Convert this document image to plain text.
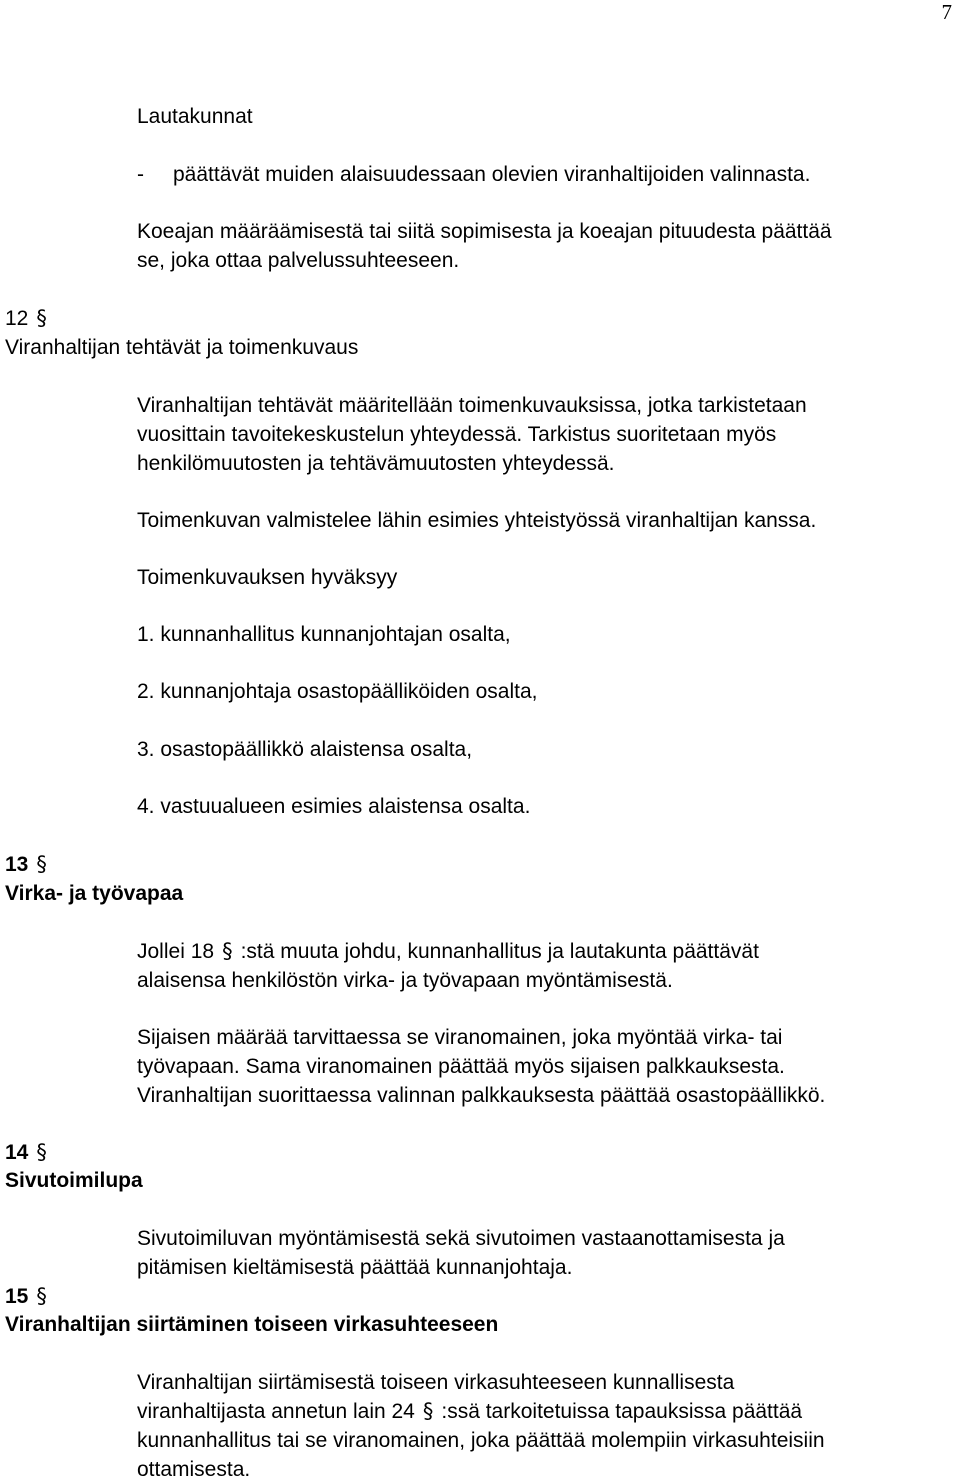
7
Lautakunnat
- päättävät muiden alaisuudessaan olevien viranhaltijoiden valinnasta.
Koeajan määräämisestä tai siitä sopimisesta ja koeajan pituudesta päättää
se, joka ottaa palvelussuhteeseen.
12 §
Viranhaltijan tehtävät ja toimenkuvaus
Viranhaltijan tehtävät määritellään toimenkuvauksissa, jotka tarkistetaan
vuosittain tavoitekeskustelun yhteydessä. Tarkistus suoritetaan myös
henkilömuutosten ja tehtävämuutosten yhteydessä.
Toimenkuvan valmistelee lähin esimies yhteistyössä viranhaltijan kanssa.
Toimenkuvauksen hyväksyy
1. kunnanhallitus kunnanjohtajan osalta,
2. kunnanjohtaja osastopäälliköiden osalta,
3. osastopäällikkö alaistensa osalta,
4. vastuualueen esimies alaistensa osalta.
13 §
Virka- ja työvapaa
Jollei 18 § :stä muuta johdu, kunnanhallitus ja lautakunta päättävät
alaisensa henkilöstön virka- ja työvapaan myöntämisestä.
Sijaisen määrää tarvittaessa se viranomainen, joka myöntää virka- tai
työvapaan. Sama viranomainen päättää myös sijaisen palkkauksesta.
Viranhaltijan suorittaessa valinnan palkkauksesta päättää osastopäällikkö.
14 §
Sivutoimilupa
Sivutoimiluvan myöntämisestä sekä sivutoimen vastaanottamisesta ja
pitämisen kieltämisestä päättää kunnanjohtaja.
15 §
Viranhaltijan siirtäminen toiseen virkasuhteeseen
Viranhaltijan siirtämisestä toiseen virkasuhteeseen kunnallisesta
viranhaltijasta annetun lain 24 § :ssä tarkoitetuissa tapauksissa päättää
kunnanhallitus tai se viranomainen, joka päättää molempiin virkasuhteisiin
ottamisesta.
